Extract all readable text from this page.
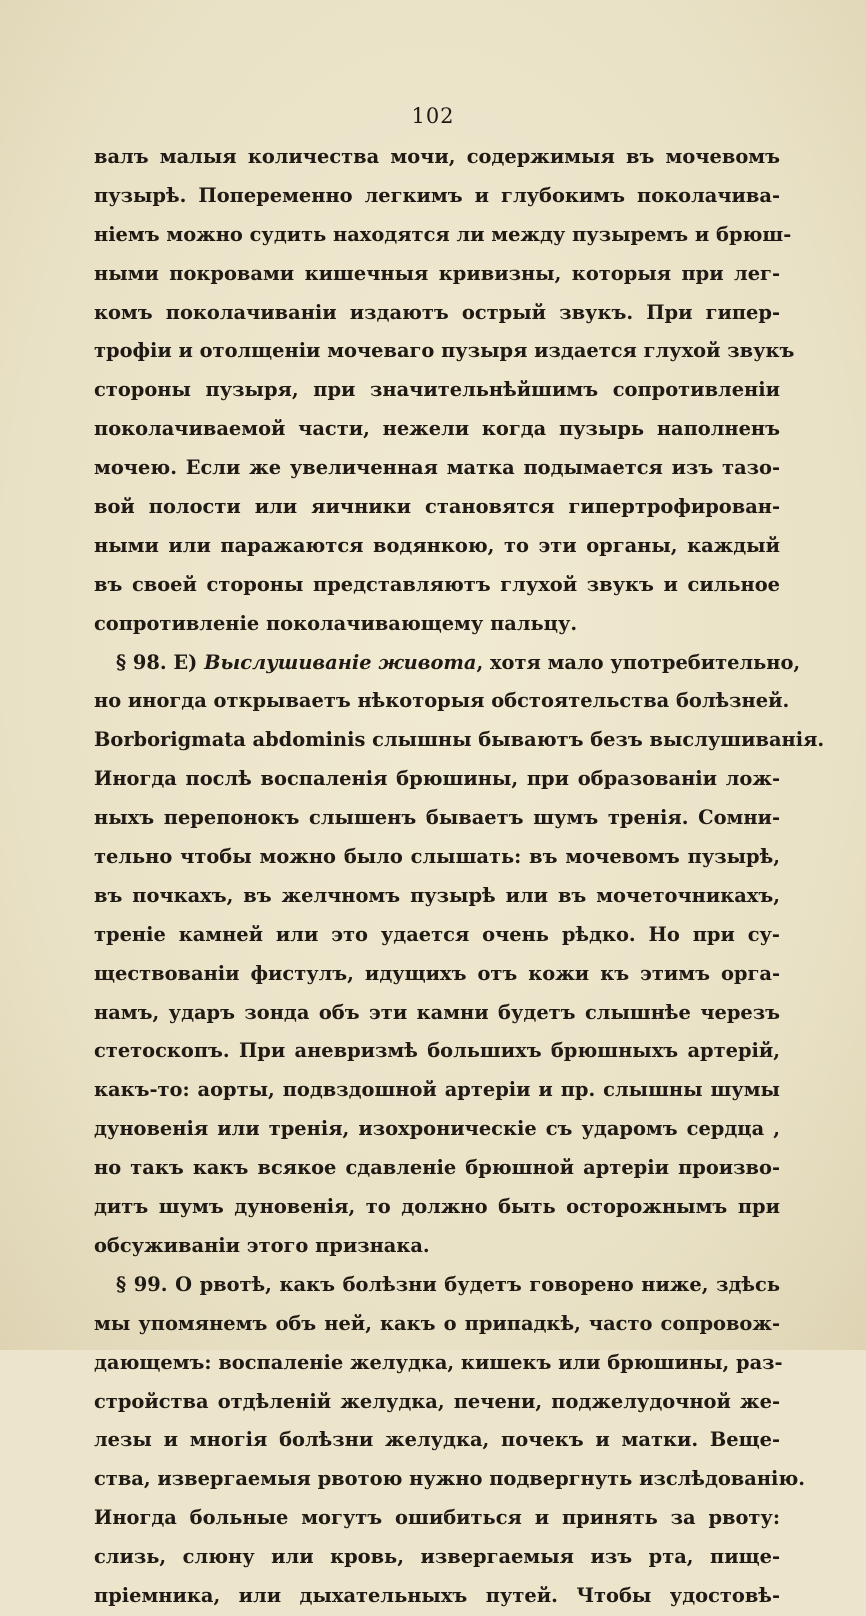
102
валъ малыя количества мочи, содержимыя въ мочевомъ
пузырѣ. Попеременно легкимъ и глубокимъ поколачива-
ніемъ можно судить находятся ли между пузыремъ и брюш-
ными покровами кишечныя кривизны, которыя при лег-
комъ поколачиваніи издаютъ острый звукъ. При гипер-
трофіи и отолщеніи мочеваго пузыря издается глухой звукъ
стороны пузыря, при значительнѣйшимъ сопротивленіи
поколачиваемой части, нежели когда пузырь наполненъ
мочею. Если же увеличенная матка подымается изъ тазо-
вой полости или яичники становятся гипертрофирован-
ными или паражаются водянкою, то эти органы, каждый
въ своей стороны представляютъ глухой звукъ и сильное
сопротивленіе поколачивающему пальцу.
§ 98. Е) Выслушиваніе живота, хотя мало употребительно,
но иногда открываетъ нѣкоторыя обстоятельства болѣзней.
Borborigmata abdominis слышны бываютъ безъ выслушиванія.
Иногда послѣ воспаленія брюшины, при образованіи лож-
ныхъ перепонокъ слышенъ бываетъ шумъ тренія. Сомни-
тельно чтобы можно было слышать: въ мочевомъ пузырѣ,
въ почкахъ, въ желчномъ пузырѣ или въ мочеточникахъ,
треніе камней или это удается очень рѣдко. Но при су-
ществованіи фистулъ, идущихъ отъ кожи къ этимъ орга-
намъ, ударъ зонда объ эти камни будетъ слышнѣе черезъ
стетоскопъ. При аневризмѣ большихъ брюшныхъ артерій,
какъ-то: аорты, подвздошной артеріи и пр. слышны шумы
дуновенія или тренія, изохроническіе съ ударомъ сердца ,
но такъ какъ всякое сдавленіе брюшной артеріи произво-
дитъ шумъ дуновенія, то должно быть осторожнымъ при
обсуживаніи этого признака.
§ 99. О рвотѣ, какъ болѣзни будетъ говорено ниже, здѣсь
мы упомянемъ объ ней, какъ о припадкѣ, часто сопровож-
дающемъ: воспаленіе желудка, кишекъ или брюшины, раз-
стройства отдѣленій желудка, печени, поджелудочной же-
лезы и многія болѣзни желудка, почекъ и матки. Веще-
ства, извергаемыя рвотою нужно подвергнуть изслѣдованію.
Иногда больные могутъ ошибиться и принять за рвоту:
слизь, слюну или кровь, извергаемыя изъ рта, пище-
пріемника, или дыхательныхъ путей. Чтобы удостовѣ-
